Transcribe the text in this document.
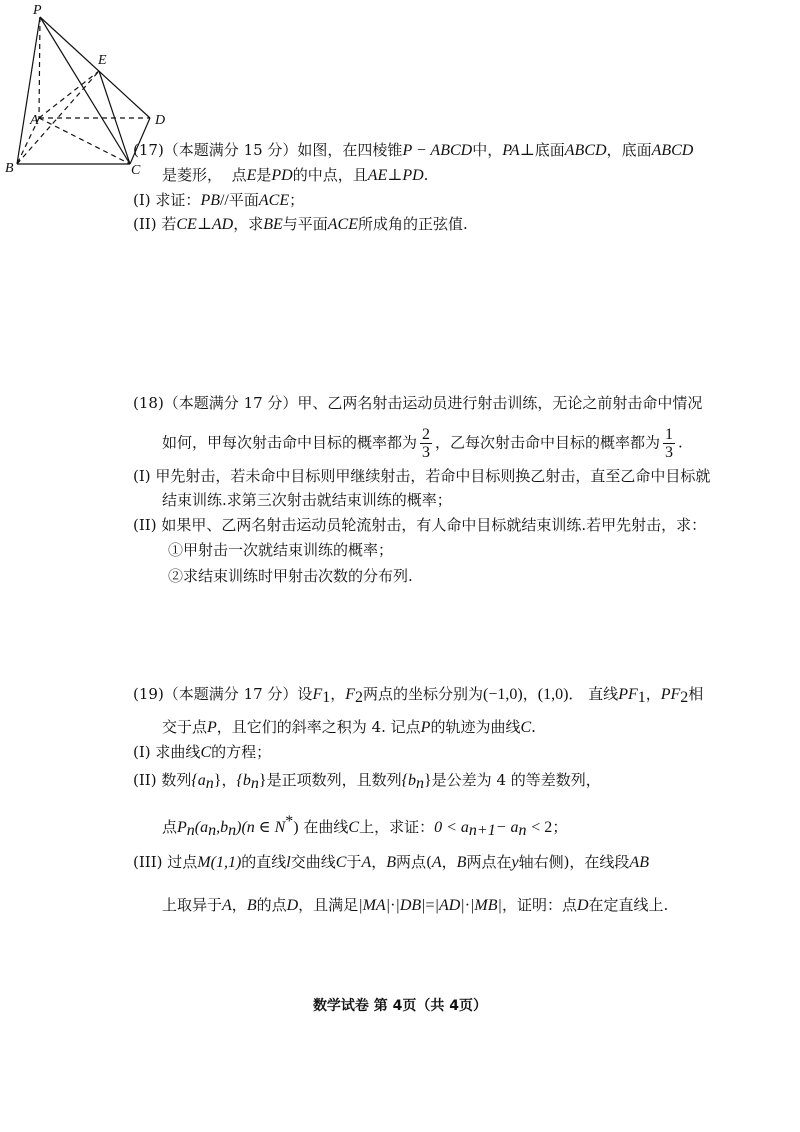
(17)（本题满分 15 分）如图，在四棱锥P − ABCD中，PA⊥底面ABCD，底面ABCD
是菱形， 点E是PD的中点，且AE⊥PD.
(I) 求证：PB//平面ACE；
(II) 若CE⊥AD，求BE与平面ACE所成角的正弦值.
P
E
A	D
B	C
(18)（本题满分 17 分）甲、乙两名射击运动员进行射击训练，无论之前射击命中情况
如何，甲每次射击命中目标的概率都为 $\frac{2}{3}$ ，乙每次射击命中目标的概率都为 $\frac{1}{3}$ .
(I) 甲先射击，若未命中目标则甲继续射击，若命中目标则换乙射击，直至乙命中目标就
结束训练.求第三次射击就结束训练的概率；
(II) 如果甲、乙两名射击运动员轮流射击，有人命中目标就结束训练.若甲先射击，求：
①甲射击一次就结束训练的概率；
②求结束训练时甲射击次数的分布列.
(19)（本题满分 17 分）设$F_1$，$F_2$两点的坐标分别为(−1,0)，(1,0)． 直线$PF_1$，$PF_2$相
交于点P，且它们的斜率之积为 4. 记点P的轨迹为曲线C.
(I) 求曲线C的方程；
(II) 数列$\{a_n\}$，$\{b_n\}$是正项数列，且数列$\{b_n\}$是公差为 4 的等差数列，
点$P_n(a_n,b_n)(n$ ∈ N*) 在曲线C上，求证：$0 < a_{n+1}- a_n < 2$；
(III) 过点M(1,1)的直线l交曲线C于A，B两点(A，B两点在y轴右侧)，在线段AB
上取异于A，B的点D，且满足|MA|·|DB|=|AD|·|MB|，证明：点D在定直线上.
数学试卷 第 4页（共 4页）
